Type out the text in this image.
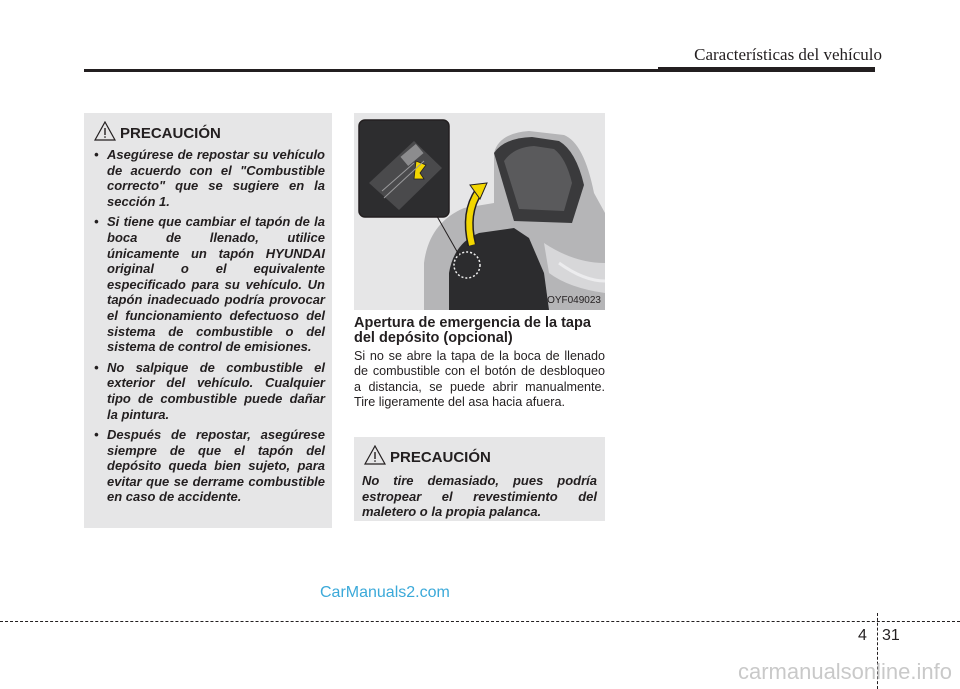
Características del vehículo
PRECAUCIÓN
• Asegúrese de repostar su vehículo de acuerdo con el "Combustible correcto" que se sugiere en la sección 1.
• Si tiene que cambiar el tapón de la boca de llenado, utilice únicamente un tapón HYUNDAI original o el equivalente especificado para su vehículo. Un tapón inadecuado podría provocar el funcionamiento defectuoso del sistema de combustible o del sistema de control de emisiones.
• No salpique de combustible el exterior del vehículo. Cualquier tipo de combustible puede dañar la pintura.
• Después de repostar, asegúrese siempre de que el tapón del depósito queda bien sujeto, para evitar que se derrame combustible en caso de accidente.
OYF049023
Apertura de emergencia de la tapa del depósito (opcional)
Si no se abre la tapa de la boca de llenado de combustible con el botón de desbloqueo a distancia, se puede abrir manualmente. Tire ligeramente del asa hacia afuera.
PRECAUCIÓN

No tire demasiado, pues podría estropear el revestimiento del maletero o la propia palanca.

CarManuals2.com
4 31
carmanualsonline.info
